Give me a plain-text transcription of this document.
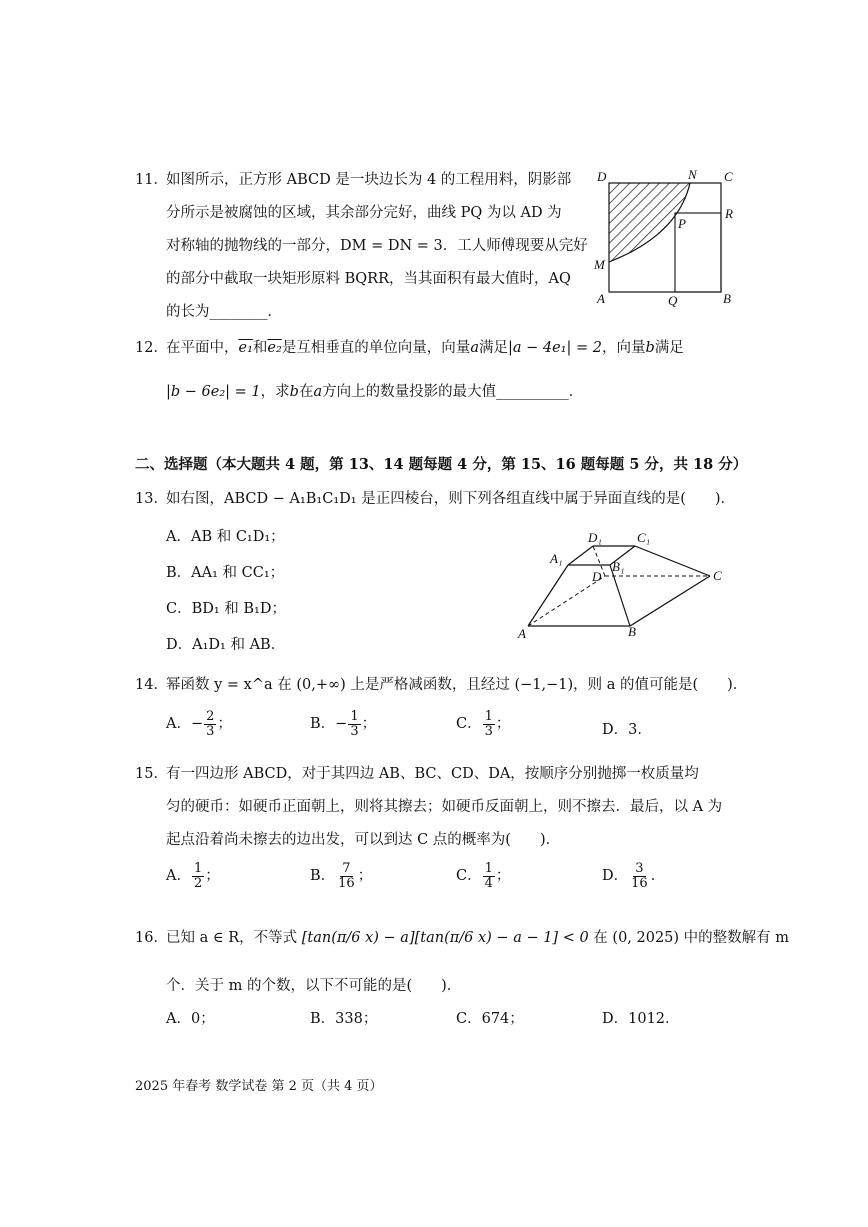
11．
如图所示，正方形 ABCD 是一块边长为 4 的工程用料，阴影部
分所示是被腐蚀的区域，其余部分完好，曲线 PQ 为以 AD 为
对称轴的抛物线的一部分，DM = DN = 3．工人师傅现要从完好
的部分中截取一块矩形原料 BQRR，当其面积有最大值时，AQ
的长为________．
D	N C
R
P
M
A	Q	B
12．
在平面中，e₁和e₂是互相垂直的单位向量，向量a满足|a − 4e₁| = 2，向量b满足
|b − 6e₂| = 1，求b在a方向上的数量投影的最大值__________．
二、选择题（本大题共 4 题，第 13、14 题每题 4 分，第 15、16 题每题 5 分，共 18 分）
13．
如右图，ABCD − A₁B₁C₁D₁ 是正四棱台，则下列各组直线中属于异面直线的是(　　)．
A．AB 和 C₁D₁；
B．AA₁ 和 CC₁；
C．BD₁ 和 B₁D；
D．A₁D₁ 和 AB．
D₁	C₁
A₁
B₁
D	C
A	B
14．
幂函数 y = x^a 在 (0,+∞) 上是严格减函数，且经过 (−1,−1)，则 a 的值可能是(　　)．
A．− $\frac{2}{3}$ ；	B．− $\frac{1}{3}$ ；	C． $\frac{1}{3}$ ；	D．3．
15．
有一四边形 ABCD，对于其四边 AB、BC、CD、DA，按顺序分别抛掷一枚质量均
匀的硬币：如硬币正面朝上，则将其擦去；如硬币反面朝上，则不擦去．最后，以 A 为
起点沿着尚未擦去的边出发，可以到达 C 点的概率为(　　)．
A． $\frac{1}{2}$ ；	B． $\frac{7}{16}$ ；	C． $\frac{1}{4}$ ；	D． $\frac{3}{16}$ ．
16．
已知 a ∈ R，不等式 [tan(π/6 x) − a][tan(π/6 x) − a − 1] < 0 在 (0, 2025) 中的整数解有 m
个．关于 m 的个数，以下不可能的是(　　)．
A．0；	B．338；	C．674；	D．1012．
2025 年春考 数学试卷 第 2 页（共 4 页）
